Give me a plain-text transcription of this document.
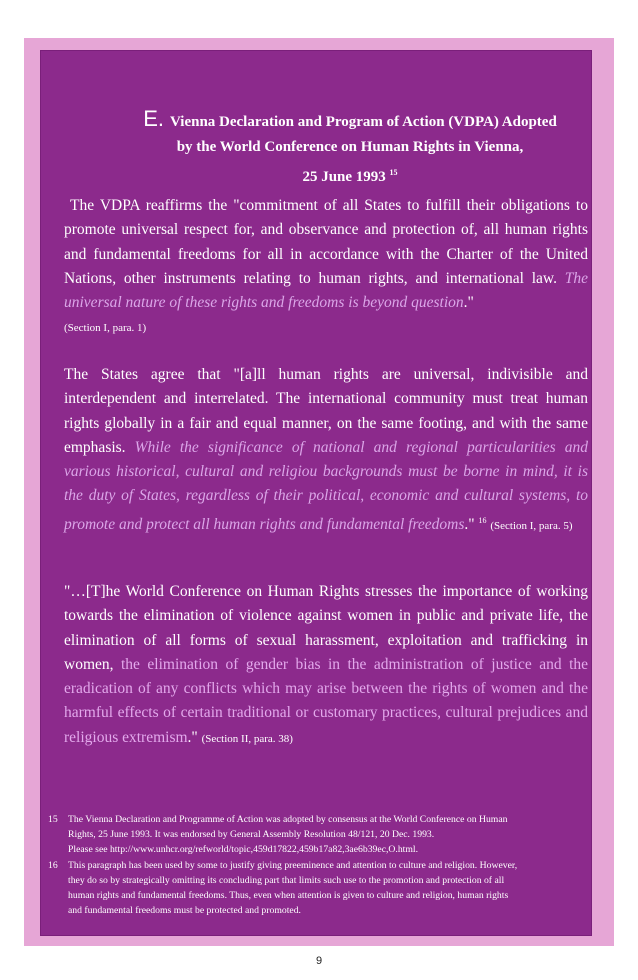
E. Vienna Declaration and Program of Action (VDPA) Adopted
by the World Conference on Human Rights in Vienna,
25 June 1993 $^{15}$
The VDPA reaffirms the "commitment of all States to fulfill their obligations to promote universal respect for, and observance and protection of, all human rights and fundamental freedoms for all in accordance with the Charter of the United Nations, other instruments relating to human rights, and international law. The universal nature of these rights and freedoms is beyond question."
(Section I, para. 1)
The States agree that "[a]ll human rights are universal, indivisible and interdependent and interrelated. The international community must treat human rights globally in a fair and equal manner, on the same footing, and with the same emphasis. While the significance of national and regional particularities and various historical, cultural and religiou backgrounds must be borne in mind, it is the duty of States, regardless of their political, economic and cultural systems, to promote and protect all human rights and fundamental freedoms." $^{16}$ (Section I, para. 5)
"…[T]he World Conference on Human Rights stresses the importance of working towards the elimination of violence against women in public and private life, the elimination of all forms of sexual harassment, exploitation and trafficking in women, the elimination of gender bias in the administration of justice and the eradication of any conflicts which may arise between the rights of women and the harmful effects of certain traditional or customary practices, cultural prejudices and religious extremism." (Section II, para. 38)
15	The Vienna Declaration and Programme of Action was adopted by consensus at the World Conference on Human
Rights, 25 June 1993. It was endorsed by General Assembly Resolution 48/121, 20 Dec. 1993.
Please see http://www.unhcr.org/refworld/topic,459d17822,459b17a82,3ae6b39ec,O.html.
16	This paragraph has been used by some to justify giving preeminence and attention to culture and religion. However,
they do so by strategically omitting its concluding part that limits such use to the promotion and protection of all
human rights and fundamental freedoms. Thus, even when attention is given to culture and religion, human rights
and fundamental freedoms must be protected and promoted.
9
